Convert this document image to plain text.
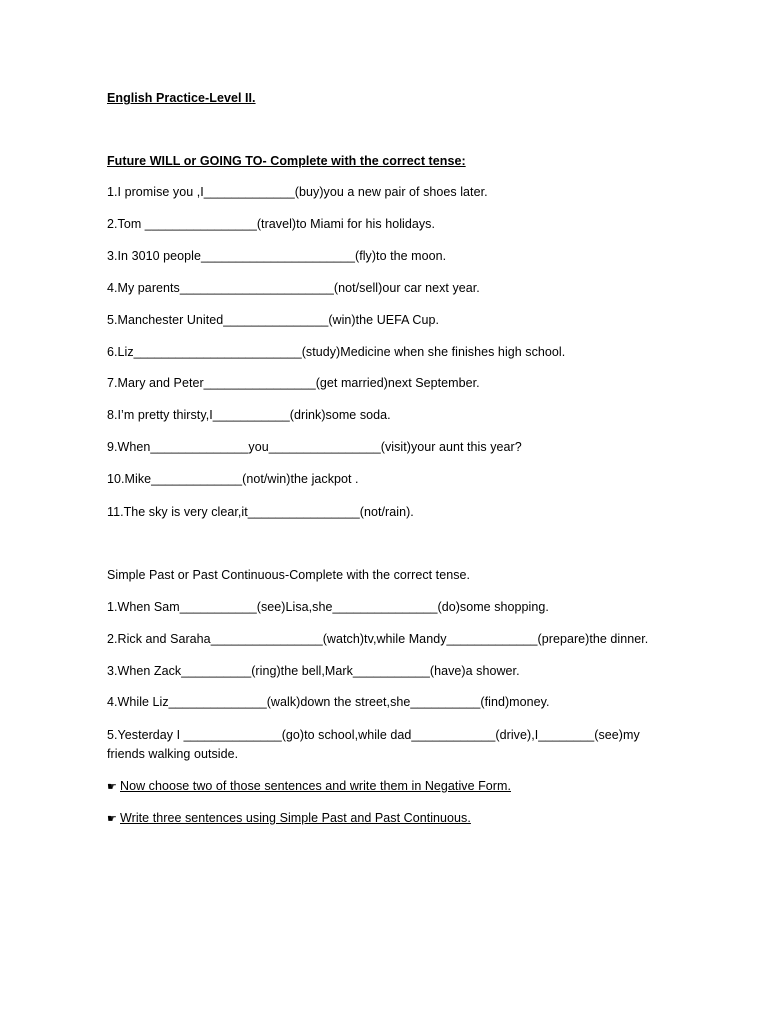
English Practice-Level II.
Future WILL or GOING TO- Complete with the correct tense:
1.I promise you ,I_____________(buy)you a new pair of shoes later.
2.Tom ________________(travel)to Miami for his holidays.
3.In 3010 people______________________(fly)to the moon.
4.My parents______________________(not/sell)our car next year.
5.Manchester United_______________(win)the UEFA Cup.
6.Liz________________________(study)Medicine when she finishes high school.
7.Mary and Peter________________(get married)next September.
8.I’m pretty thirsty,I___________(drink)some soda.
9.When______________you________________(visit)your aunt this year?
10.Mike_____________(not/win)the jackpot .
11.The sky is very clear,it________________(not/rain).
Simple Past or Past Continuous-Complete with the correct tense.
1.When Sam___________(see)Lisa,she_______________(do)some shopping.
2.Rick and Saraha________________(watch)tv,while Mandy_____________(prepare)the dinner.
3.When Zack__________(ring)the bell,Mark___________(have)a shower.
4.While Liz______________(walk)down the street,she__________(find)money.
5.Yesterday I ______________(go)to school,while dad____________(drive),I________(see)my friends walking outside.
☛ Now choose two of those sentences and write them in Negative Form.
☛ Write three sentences using Simple Past and Past Continuous.
